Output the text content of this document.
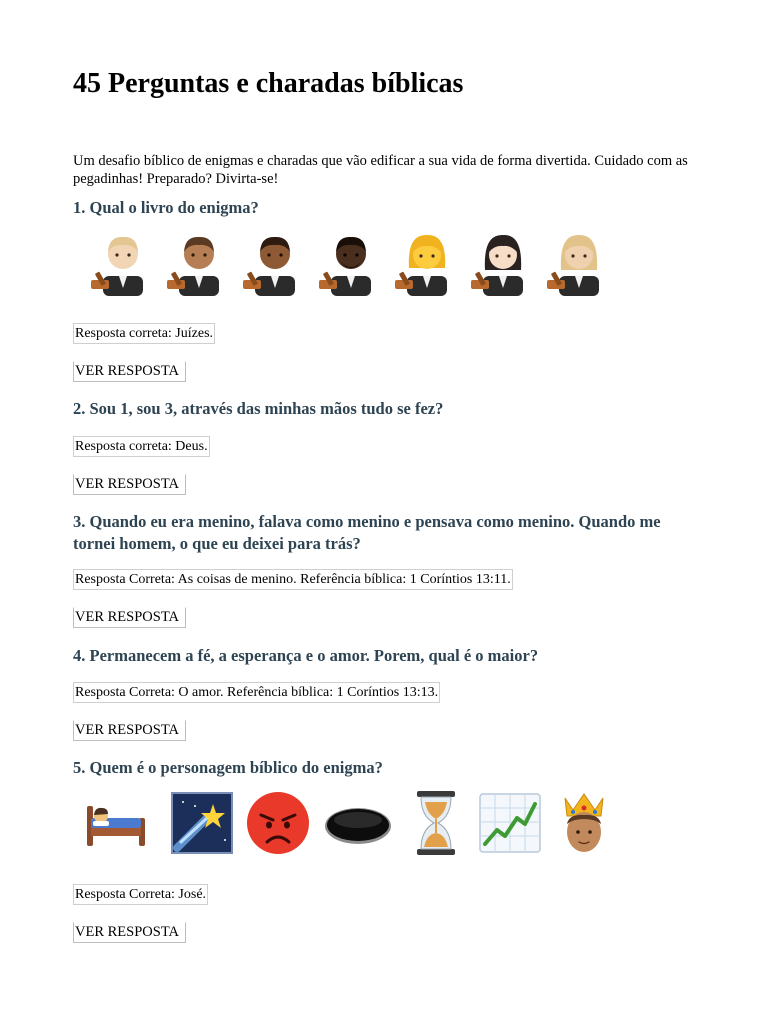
45 Perguntas e charadas bíblicas

Um desafio bíblico de enigmas e charadas que vão edificar a sua vida de forma divertida. Cuidado com as pegadinhas! Preparado? Divirta-se!

1. Qual o livro do enigma?
Resposta correta: Juízes.
VER RESPOSTA
2. Sou 1, sou 3, através das minhas mãos tudo se fez?
Resposta correta: Deus.
VER RESPOSTA
3. Quando eu era menino, falava como menino e pensava como menino. Quando me tornei homem, o que eu deixei para trás?
Resposta Correta: As coisas de menino. Referência bíblica: 1 Coríntios 13:11.
VER RESPOSTA
4. Permanecem a fé, a esperança e o amor. Porem, qual é o maior?
Resposta Correta: O amor. Referência bíblica: 1 Coríntios 13:13.
VER RESPOSTA
5. Quem é o personagem bíblico do enigma?
Resposta Correta: José.
VER RESPOSTA
